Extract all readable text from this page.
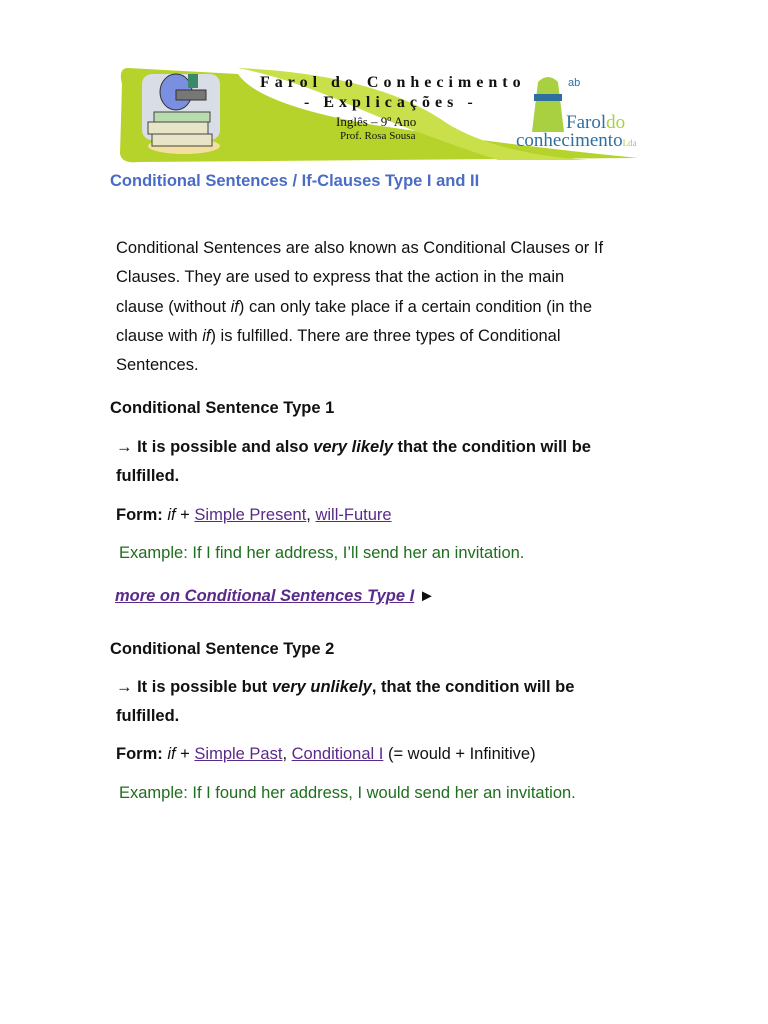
Farol do Conhecimento
- Explicações -
Inglês – 9º Ano
Prof. Rosa Sousa
ab
Faroldo
conhecimentoLda
Conditional Sentences / If-Clauses Type I and II
Conditional Sentences are also known as Conditional Clauses or If
Clauses. They are used to express that the action in the main
clause (without if) can only take place if a certain condition (in the
clause with if) is fulfilled. There are three types of Conditional
Sentences.
Conditional Sentence Type 1
→ It is possible and also very likely that the condition will be
fulfilled.
Form: if + Simple Present, will-Future
Example: If I find her address, I’ll send her an invitation.
more on Conditional Sentences Type I ►
Conditional Sentence Type 2
→ It is possible but very unlikely, that the condition will be
fulfilled.
Form: if + Simple Past, Conditional I (= would + Infinitive)
Example: If I found her address, I would send her an invitation.
